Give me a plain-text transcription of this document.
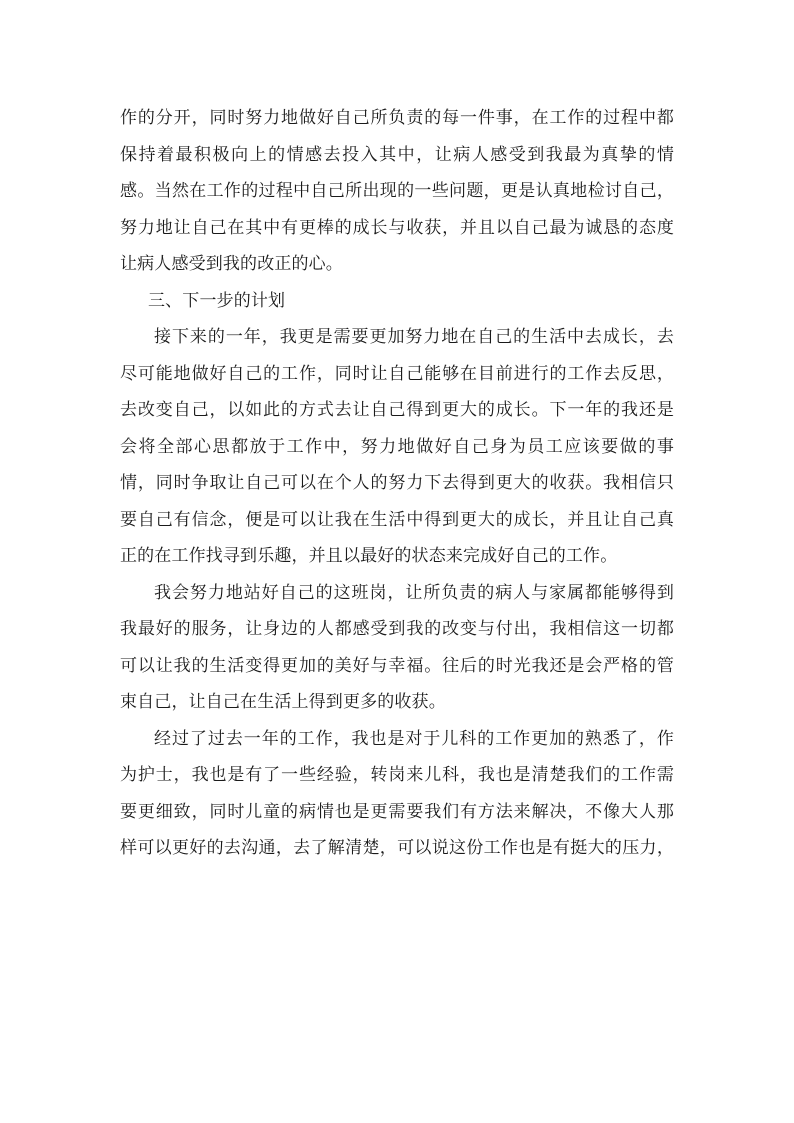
作的分开，同时努力地做好自己所负责的每一件事，在工作的过程中都
保持着最积极向上的情感去投入其中，让病人感受到我最为真挚的情
感。当然在工作的过程中自己所出现的一些问题，更是认真地检讨自己，
努力地让自己在其中有更棒的成长与收获，并且以自己最为诚恳的态度
让病人感受到我的改正的心。

三、下一步的计划

接下来的一年，我更是需要更加努力地在自己的生活中去成长，去
尽可能地做好自己的工作，同时让自己能够在目前进行的工作去反思，
去改变自己，以如此的方式去让自己得到更大的成长。下一年的我还是
会将全部心思都放于工作中，努力地做好自己身为员工应该要做的事
情，同时争取让自己可以在个人的努力下去得到更大的收获。我相信只
要自己有信念，便是可以让我在生活中得到更大的成长，并且让自己真
正的在工作找寻到乐趣，并且以最好的状态来完成好自己的工作。

我会努力地站好自己的这班岗，让所负责的病人与家属都能够得到
我最好的服务，让身边的人都感受到我的改变与付出，我相信这一切都
可以让我的生活变得更加的美好与幸福。往后的时光我还是会严格的管
束自己，让自己在生活上得到更多的收获。

经过了过去一年的工作，我也是对于儿科的工作更加的熟悉了，作
为护士，我也是有了一些经验，转岗来儿科，我也是清楚我们的工作需
要更细致，同时儿童的病情也是更需要我们有方法来解决，不像大人那
样可以更好的去沟通，去了解清楚，可以说这份工作也是有挺大的压力，
